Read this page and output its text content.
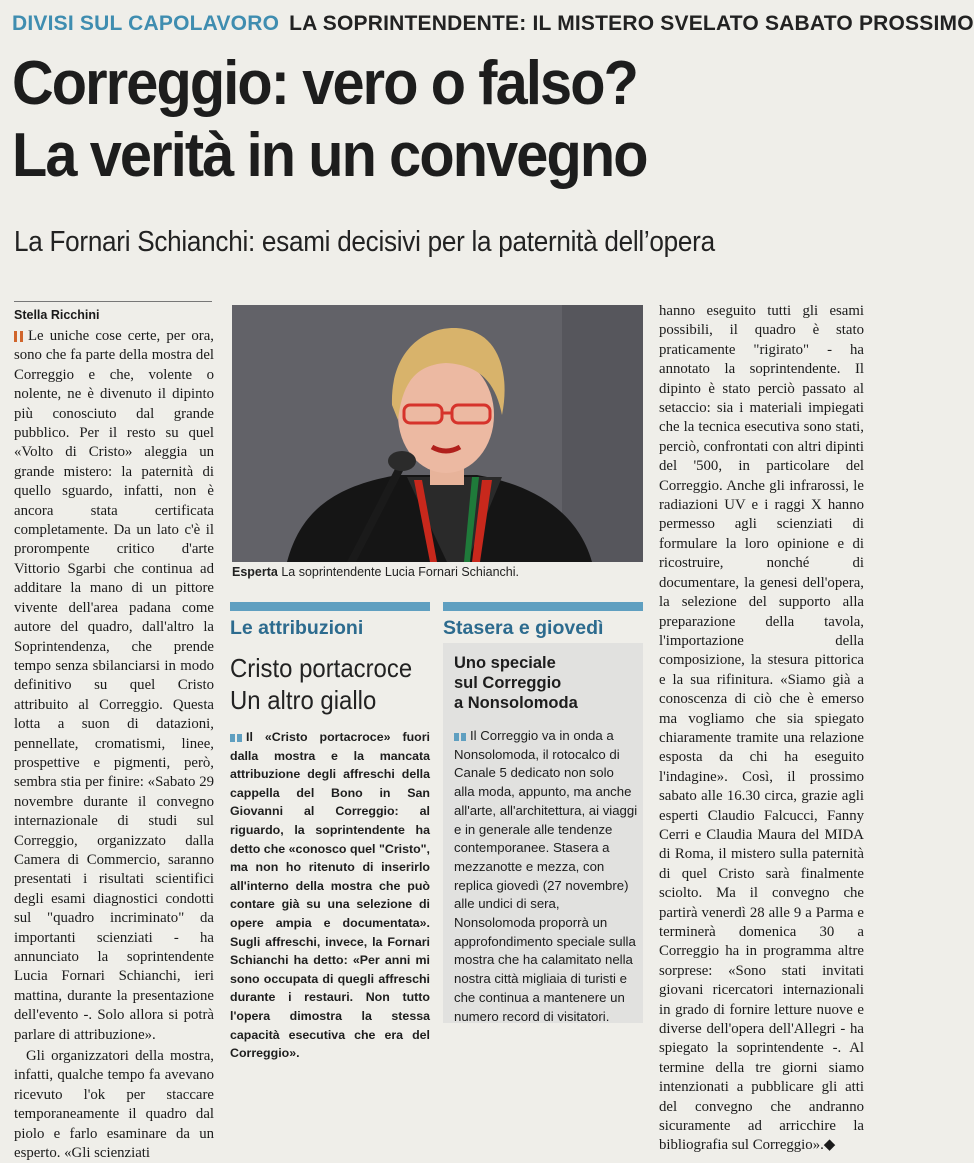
DIVISI SUL CAPOLAVORO LA SOPRINTENDENTE: IL MISTERO SVELATO SABATO PROSSIMO
Correggio: vero o falso?
La verità in un convegno
La Fornari Schianchi: esami decisivi per la paternità dell’opera
Stella Ricchini

Le uniche cose certe, per ora, sono che fa parte della mostra del Correggio e che, volente o nolente, ne è divenuto il dipinto più conosciuto dal grande pubblico. Per il resto su quel «Volto di Cristo» aleggia un grande mistero: la paternità di quello sguardo, infatti, non è ancora stata certificata completamente. Da un lato c'è il prorompente critico d'arte Vittorio Sgarbi che continua ad additare la mano di un pittore vivente dell'area padana come autore del quadro, dall'altro la Soprintendenza, che prende tempo senza sbilanciarsi in modo definitivo su quel Cristo attribuito al Correggio. Questa lotta a suon di datazioni, pennellate, cromatismi, linee, prospettive e pigmenti, però, sembra stia per finire: «Sabato 29 novembre durante il convegno internazionale di studi sul Correggio, organizzato dalla Camera di Commercio, saranno presentati i risultati scientifici degli esami diagnostici condotti sul "quadro incriminato" da importanti scienziati - ha annunciato la soprintendente Lucia Fornari Schianchi, ieri mattina, durante la presentazione dell'evento -. Solo allora si potrà parlare di attribuzione».

Gli organizzatori della mostra, infatti, qualche tempo fa avevano ricevuto l'ok per staccare temporaneamente il quadro dal piolo e farlo esaminare da un esperto. «Gli scienziati

Esperta La soprintendente Lucia Fornari Schianchi.
Le attribuzioni
Cristo portacroce
Un altro giallo
Il «Cristo portacroce» fuori dalla mostra e la mancata attribuzione degli affreschi della cappella del Bono in San Giovanni al Correggio: al riguardo, la soprintendente ha detto che «conosco quel "Cristo", ma non ho ritenuto di inserirlo all'interno della mostra che può contare già su una selezione di opere ampia e documentata». Sugli affreschi, invece, la Fornari Schianchi ha detto: «Per anni mi sono occupata di quegli affreschi durante i restauri. Non tutto l'opera dimostra la stessa capacità esecutiva che era del Correggio».
Stasera e giovedì
Uno speciale
sul Correggio
a Nonsolomoda
Il Correggio va in onda a Nonsolomoda, il rotocalco di Canale 5 dedicato non solo alla moda, appunto, ma anche all'arte, all'architettura, ai viaggi e in generale alle tendenze contemporanee. Stasera a mezzanotte e mezza, con replica giovedì (27 novembre) alle undici di sera, Nonsolomoda proporrà un approfondimento speciale sulla mostra che ha calamitato nella nostra città migliaia di turisti e che continua a mantenere un numero record di visitatori.

hanno eseguito tutti gli esami possibili, il quadro è stato praticamente "rigirato" - ha annotato la soprintendente. Il dipinto è stato perciò passato al setaccio: sia i materiali impiegati che la tecnica esecutiva sono stati, perciò, confrontati con altri dipinti del '500, in particolare del Correggio. Anche gli infrarossi, le radiazioni UV e i raggi X hanno permesso agli scienziati di formulare la loro opinione e di ricostruire, nonché di documentare, la genesi dell'opera, la selezione del supporto alla preparazione della tavola, l'importazione della composizione, la stesura pittorica e la sua rifinitura. «Siamo già a conoscenza di ciò che è emerso ma vogliamo che sia spiegato chiaramente tramite una relazione esposta da chi ha eseguito l'indagine». Così, il prossimo sabato alle 16.30 circa, grazie agli esperti Claudio Falcucci, Fanny Cerri e Claudia Maura del MIDA di Roma, il mistero sulla paternità di quel Cristo sarà finalmente sciolto. Ma il convegno che partirà venerdì 28 alle 9 a Parma e terminerà domenica 30 a Correggio ha in programma altre sorprese: «Sono stati invitati giovani ricercatori internazionali in grado di fornire letture nuove e diverse dell'opera dell'Allegri - ha spiegato la soprintendente -. Al termine della tre giorni siamo intenzionati a pubblicare gli atti del convegno che andranno sicuramente ad arricchire la bibliografia sul Correggio».◆
